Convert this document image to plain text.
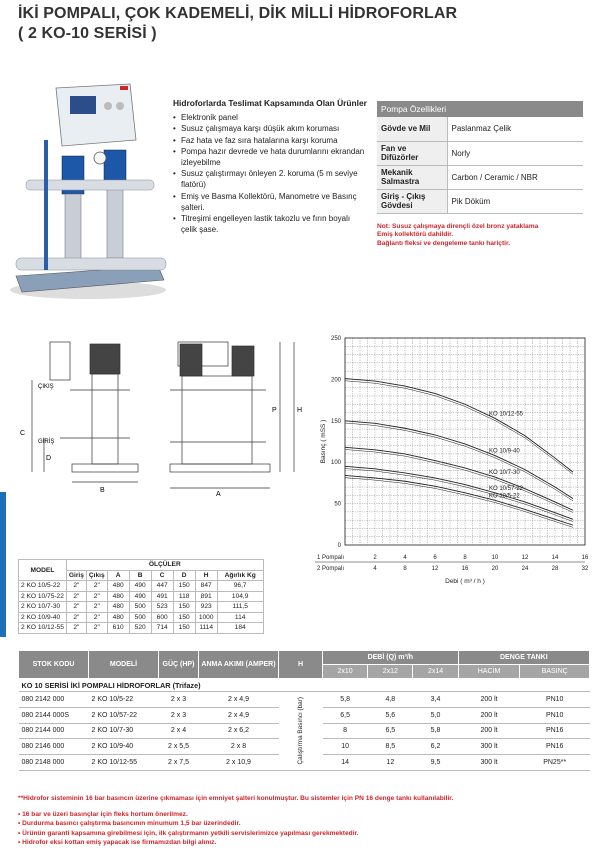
İKİ POMPALI, ÇOK KADEMELİ, DİK MİLLİ HİDROFORLAR
( 2 KO-10 SERİSİ )
Hidroforlarda Teslimat Kapsamında Olan Ürünler
• Elektronik panel
• Susuz çalışmaya karşı düşük akım koruması
• Faz hata ve faz sıra hatalarına karşı koruma
• Pompa hazır devrede ve hata durumlarını ekrandan izleyebilme
• Susuz çalıştırmayı önleyen 2. koruma (5 m seviye flatörü)
• Emiş ve Basma Kollektörü, Manometre ve Basınç şalteri.
• Titreşimi engelleyen lastik takozlu ve fırın boyalı çelik şase.
Pompa Özellikleri	
Gövde ve Mil	Paslanmaz Çelik
Fan ve Difüzörler	Norly
Mekanik Salmastra	Carbon / Ceramic / NBR
Giriş - Çıkış Gövdesi	Pik Döküm
Not: Susuz çalışmaya dirençli özel bronz yataklama
Emiş kollektörü dahildir.
Bağlantı fleksi ve dengeleme tankı hariçtir.
ÇIKIŞ
GİRİŞ
C
D
B
A
P	H
0
50
100
150
200
250
Basınç ( mSS )
KO 10/12-55
KO 10/9-40
KO 10/7-30
KO 10/57-22
KO 10/5-22
1 Pompalı
2 Pompalı
2
4
4
8
6
12
8
16
10
20
12
24
14
28
16
32
Debi ( m³ / h )
MODEL	ÖLÇÜLER							
	Giriş	Çıkış	A	B	C	D	H	Ağırlık Kg
2 KO 10/5-22	2"	2"	480	490	447	150	847	96,7
2 KO 10/75-22	2"	2"	480	490	491	118	891	104,9
2 KO 10/7-30	2"	2"	480	500	523	150	923	111,5
2 KO 10/9-40	2"	2"	480	500	600	150	1000	114
2 KO 10/12-55	2"	2"	610	520	714	150	1114	184
STOK KODU	MODELİ	GÜÇ (HP)	ANMA AKIMI (AMPER)	H	DEBİ (Q) m³/h			DENGE TANKI	
					2x10	2x12	2x14	HACİM	BASINÇ
KO 10 SERİSİ İKİ POMPALI HİDROFORLAR (Trifaze)									
080 2142 000	2 KO 10/5-22	2 x 3	2 x 4,9	Çalıştırma Basıncı (bar)	5,8	4,8	3,4	200 lt	PN10
080 2144 000S	2 KO 10/57-22	2 x 3	2 x 4,9		6,5	5,6	5,0	200 lt	PN10
080 2144 000	2 KO 10/7-30	2 x 4	2 x 6,2		8	6,5	5,8	200 lt	PN16
080 2146 000	2 KO 10/9-40	2 x 5,5	2 x 8		10	8,5	6,2	300 lt	PN16
080 2148 000	2 KO 10/12-55	2 x 7,5	2 x 10,9		14	12	9,5	300 lt	PN25**
**Hidrofor sisteminin 16 bar basıncın üzerine çıkmaması için emniyet şalteri konulmuştur. Bu sistemler için PN 16 denge tankı kullanılabilir.
• 16 bar ve üzeri basınçlar için fleks hortum önerilmez.
• Durdurma basıncı çalıştırma basıncının minumum 1,5 bar üzerindedir.
• Ürünün garanti kapsamına girebilmesi için, ilk çalıştırmanın yetkili servislerimizce yapılması gerekmektedir.
• Hidrofor eksi kottan emiş yapacak ise firmamızdan bilgi alınız.
